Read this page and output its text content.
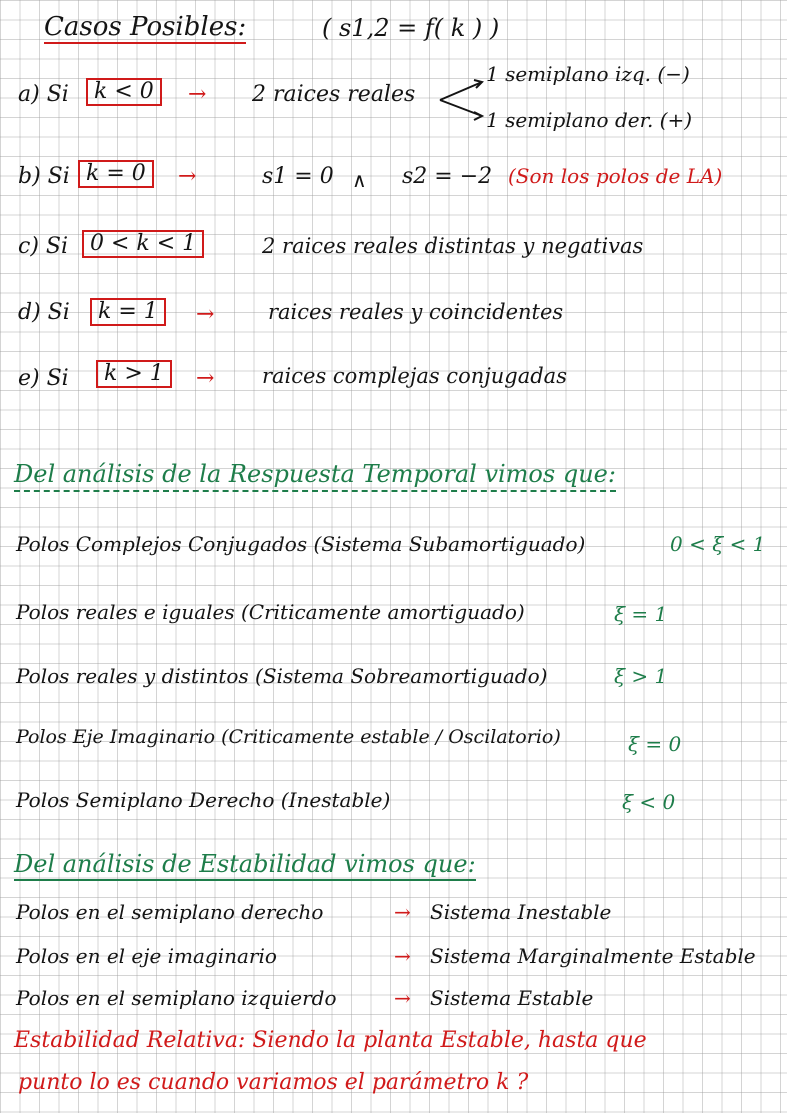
Casos Posibles:	( s1,2 = f( k ) )
a) Si	k < 0	→ 2 raices reales
1 semiplano izq. (−)
1 semiplano der. (+)
b) Si k = 0	→	s1 = 0 ∧ s2 = −2 (Son los polos de LA)
c) Si 0 < k < 1	2 raices reales distintas y negativas
d) Si	k = 1	→	raices reales y coincidentes
e) Si	k > 1	→ raices complejas conjugadas
Del análisis de la Respuesta Temporal vimos que:
Polos Complejos Conjugados (Sistema Subamortiguado)	0 < ξ < 1
Polos reales e iguales (Criticamente amortiguado)	ξ = 1
Polos reales y distintos (Sistema Sobreamortiguado)	ξ > 1
Polos Eje Imaginario (Criticamente estable / Oscilatorio)	ξ = 0
Polos Semiplano Derecho (Inestable)	ξ < 0
Del análisis de Estabilidad vimos que:
Polos en el semiplano derecho	→ Sistema Inestable
Polos en el eje imaginario	→ Sistema Marginalmente Estable
Polos en el semiplano izquierdo	→ Sistema Estable
Estabilidad Relativa: Siendo la planta Estable, hasta que
punto lo es cuando variamos el parámetro k ?
